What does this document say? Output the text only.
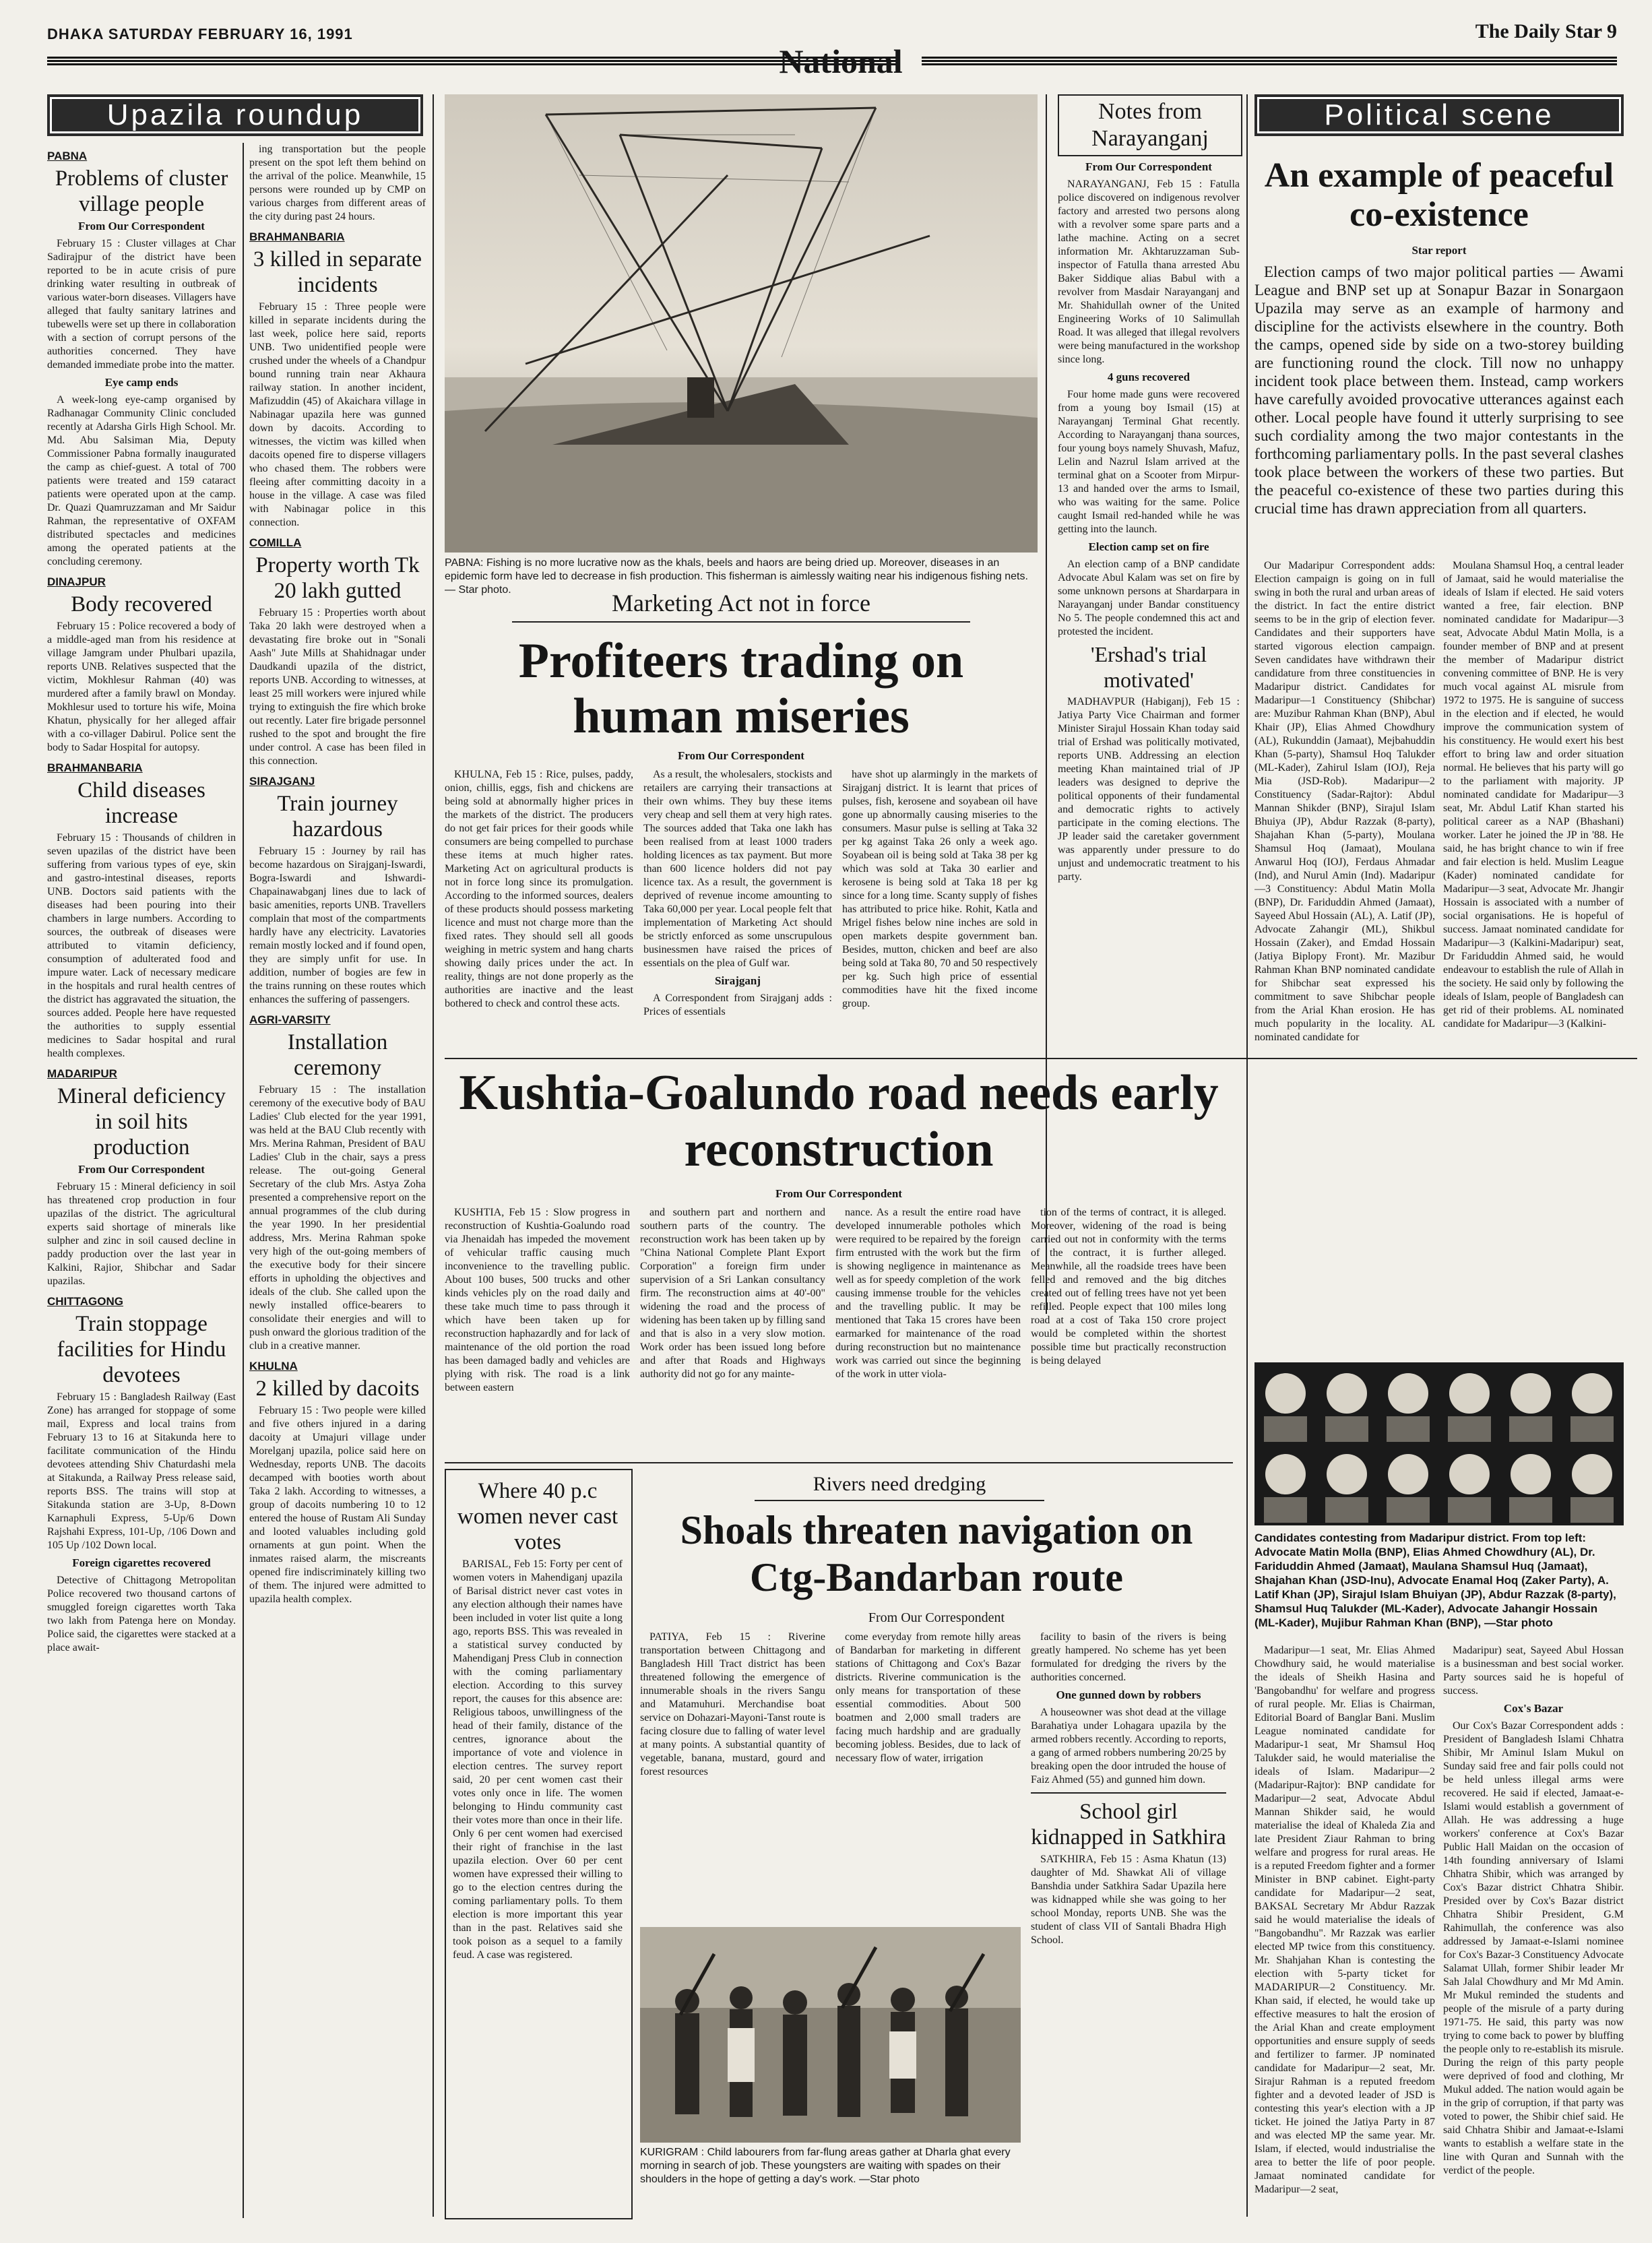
DHAKA SATURDAY FEBRUARY 16, 1991	The Daily Star 9
National
Upazila roundup
PABNA
Problems of cluster village people
From Our Correspondent

February 15 : Cluster villages at Char Sadirajpur of the district have been reported to be in acute crisis of pure drinking water resulting in outbreak of various water-born diseases. Villagers have alleged that faulty sanitary latrines and tubewells were set up there in collaboration with a section of corrupt persons of the authorities concerned. They have demanded immediate probe into the matter.

Eye camp ends

A week-long eye-camp organised by Radhanagar Community Clinic concluded recently at Adarsha Girls High School. Mr. Md. Abu Salsiman Mia, Deputy Commissioner Pabna formally inaugurated the camp as chief-guest. A total of 700 patients were treated and 159 cataract patients were operated upon at the camp. Dr. Quazi Quamruzzaman and Mr Saidur Rahman, the representative of OXFAM distributed spectacles and medicines among the operated patients at the concluding ceremony.

DINAJPUR
Body recovered

February 15 : Police recovered a body of a middle-aged man from his residence at village Jamgram under Phulbari upazila, reports UNB. Relatives suspected that the victim, Mokhlesur Rahman (40) was murdered after a family brawl on Monday. Mokhlesur used to torture his wife, Moina Khatun, physically for her alleged affair with a co-villager Dabirul. Police sent the body to Sadar Hospital for autopsy.

BRAHMANBARIA
Child diseases increase

February 15 : Thousands of children in seven upazilas of the district have been suffering from various types of eye, skin and gastro-intestinal diseases, reports UNB. Doctors said patients with the diseases had been pouring into their chambers in large numbers. According to sources, the outbreak of diseases were attributed to vitamin deficiency, consumption of adulterated food and impure water. Lack of necessary medicare in the hospitals and rural health centres of the district has aggravated the situation, the sources added. People here have requested the authorities to supply essential medicines to Sadar hospital and rural health complexes.

MADARIPUR
Mineral deficiency in soil hits production
From Our Correspondent

February 15 : Mineral deficiency in soil has threatened crop production in four upazilas of the district. The agricultural experts said shortage of minerals like sulpher and zinc in soil caused decline in paddy production over the last year in Kalkini, Rajior, Shibchar and Sadar upazilas.

CHITTAGONG
Train stoppage facilities for Hindu devotees

February 15 : Bangladesh Railway (East Zone) has arranged for stoppage of some mail, Express and local trains from February 13 to 16 at Sitakunda here to facilitate communication of the Hindu devotees attending Shiv Chaturdashi mela at Sitakunda, a Railway Press release said, reports BSS. The trains will stop at Sitakunda station are 3-Up, 8-Down Karnaphuli Express, 5-Up/6 Down Rajshahi Express, 101-Up, /106 Down and 105 Up /102 Down local.

Foreign cigarettes recovered

Detective of Chittagong Metropolitan Police recovered two thousand cartons of smuggled foreign cigarettes worth Taka two lakh from Patenga here on Monday. Police said, the cigarettes were stacked at a place await-

ing transportation but the people present on the spot left them behind on the arrival of the police. Meanwhile, 15 persons were rounded up by CMP on various charges from different areas of the city during past 24 hours.

BRAHMANBARIA
3 killed in separate incidents

February 15 : Three people were killed in separate incidents during the last week, police here said, reports UNB. Two unidentified people were crushed under the wheels of a Chandpur bound running train near Akhaura railway station. In another incident, Mafizuddin (45) of Akaichara village in Nabinagar upazila here was gunned down by dacoits. According to witnesses, the victim was killed when dacoits opened fire to disperse villagers who chased them. The robbers were fleeing after committing dacoity in a house in the village. A case was filed with Nabinagar police in this connection.

COMILLA
Property worth Tk 20 lakh gutted

February 15 : Properties worth about Taka 20 lakh were destroyed when a devastating fire broke out in "Sonali Aash" Jute Mills at Shahidnagar under Daudkandi upazila of the district, reports UNB. According to witnesses, at least 25 mill workers were injured while trying to extinguish the fire which broke out recently. Later fire brigade personnel rushed to the spot and brought the fire under control. A case has been filed in this connection.

SIRAJGANJ
Train journey hazardous

February 15 : Journey by rail has become hazardous on Sirajganj-Iswardi, Bogra-Iswardi and Ishwardi-Chapainawabganj lines due to lack of basic amenities, reports UNB. Travellers complain that most of the compartments hardly have any electricity. Lavatories remain mostly locked and if found open, they are simply unfit for use. In addition, number of bogies are few in the trains running on these routes which enhances the suffering of passengers.

AGRI-VARSITY
Installation ceremony

February 15 : The installation ceremony of the executive body of BAU Ladies' Club elected for the year 1991, was held at the BAU Club recently with Mrs. Merina Rahman, President of BAU Ladies' Club in the chair, says a press release. The out-going General Secretary of the club Mrs. Astya Zoha presented a comprehensive report on the annual programmes of the club during the year 1990. In her presidential address, Mrs. Merina Rahman spoke very high of the out-going members of the executive body for their sincere efforts in upholding the objectives and ideals of the club. She called upon the newly installed office-bearers to consolidate their energies and will to push onward the glorious tradition of the club in a creative manner.

KHULNA
2 killed by dacoits

February 15 : Two people were killed and five others injured in a daring dacoity at Umajuri village under Morelganj upazila, police said here on Wednesday, reports UNB. The dacoits decamped with booties worth about Taka 2 lakh. According to witnesses, a group of dacoits numbering 10 to 12 entered the house of Rustam Ali Sunday and looted valuables including gold ornaments at gun point. When the inmates raised alarm, the miscreants opened fire indiscriminately killing two of them. The injured were admitted to upazila health complex.

PABNA: Fishing is no more lucrative now as the khals, beels and haors are being dried up. Moreover, diseases in an epidemic form have led to decrease in fish production. This fisherman is aimlessly waiting near his indigenous fishing nets. — Star photo.	Marketing Act not in force
Profiteers trading on human miseries
From Our Correspondent

KHULNA, Feb 15 : Rice, pulses, paddy, onion, chillis, eggs, fish and chickens are being sold at abnormally higher prices in the markets of the district. The producers do not get fair prices for their goods while consumers are being compelled to purchase these items at much higher rates. Marketing Act on agricultural products is not in force long since its promulgation. According to the informed sources, dealers of these products should possess marketing licence and must not charge more than the fixed rates. They should sell all goods weighing in metric system and hang charts showing daily prices under the act. In reality, things are not done properly as the authorities are inactive and the least bothered to check and control these acts.

As a result, the wholesalers, stockists and retailers are carrying their transactions at their own whims. They buy these items very cheap and sell them at very high rates. The sources added that Taka one lakh has been realised from at least 1000 traders holding licences as tax payment. But more than 600 licence holders did not pay licence tax. As a result, the government is deprived of revenue income amounting to Taka 60,000 per year. Local people felt that implementation of Marketing Act should be strictly enforced as some unscrupulous businessmen have raised the prices of essentials on the plea of Gulf war.

Sirajganj

A Correspondent from Sirajganj adds : Prices of essentials

have shot up alarmingly in the markets of Sirajganj district. It is learnt that prices of pulses, fish, kerosene and soyabean oil have gone up abnormally causing miseries to the consumers. Masur pulse is selling at Taka 32 per kg against Taka 26 only a week ago. Soyabean oil is being sold at Taka 38 per kg which was sold at Taka 30 earlier and kerosene is being sold at Taka 18 per kg since for a long time. Scanty supply of fishes has attributed to price hike. Rohit, Katla and Mrigel fishes below nine inches are sold in open markets despite government ban. Besides, mutton, chicken and beef are also being sold at Taka 80, 70 and 50 respectively per kg. Such high price of essential commodities have hit the fixed income group.

Kushtia-Goalundo road needs early reconstruction
From Our Correspondent

KUSHTIA, Feb 15 : Slow progress in reconstruction of Kushtia-Goalundo road via Jhenaidah has impeded the movement of vehicular traffic causing much inconvenience to the travelling public. About 100 buses, 500 trucks and other kinds vehicles ply on the road daily and these take much time to pass through it which have been taken up for reconstruction haphazardly and for lack of maintenance of the old portion the road has been damaged badly and vehicles are plying with risk. The road is a link between eastern

and southern part and northern and southern parts of the country. The reconstruction work has been taken up by "China National Complete Plant Export Corporation" a foreign firm under supervision of a Sri Lankan consultancy firm. The reconstruction aims at 40'-00" widening the road and the process of widening has been taken up by filling sand and that is also in a very slow motion. Work order has been issued long before and after that Roads and Highways authority did not go for any mainte-

nance. As a result the entire road have developed innumerable potholes which were required to be repaired by the foreign firm entrusted with the work but the firm is showing negligence in maintenance as well as for speedy completion of the work causing immense trouble for the vehicles and the travelling public. It may be mentioned that Taka 15 crores have been earmarked for maintenance of the road during reconstruction but no maintenance work was carried out since the beginning of the work in utter viola-

tion of the terms of contract, it is alleged. Moreover, widening of the road is being carried out not in conformity with the terms of the contract, it is further alleged. Meanwhile, all the roadside trees have been felled and removed and the big ditches created out of felling trees have not yet been refilled. People expect that 100 miles long road at a cost of Taka 150 crore project would be completed within the shortest possible time but practically reconstruction is being delayed

Where 40 p.c women never cast votes

BARISAL, Feb 15: Forty per cent of women voters in Mahendiganj upazila of Barisal district never cast votes in any election although their names have been included in voter list quite a long ago, reports BSS. This was revealed in a statistical survey conducted by Mahendiganj Press Club in connection with the coming parliamentary election. According to this survey report, the causes for this absence are: Religious taboos, unwillingness of the head of their family, distance of the centres, ignorance about the importance of vote and violence in election centres. The survey report said, 20 per cent women cast their votes only once in life. The women belonging to Hindu community cast their votes more than once in their life. Only 6 per cent women had exercised their right of franchise in the last upazila election. Over 60 per cent women have expressed their willing to go to the election centres during the coming parliamentary polls. To them election is more important this year than in the past. Relatives said she took poison as a sequel to a family feud. A case was registered.

Rivers need dredging
Shoals threaten navigation on Ctg-Bandarban route
From Our Correspondent

PATIYA, Feb 15 : Riverine transportation between Chittagong and Bangladesh Hill Tract district has been threatened following the emergence of innumerable shoals in the rivers Sangu and Matamuhuri. Merchandise boat service on Dohazari-Mayoni-Tanst route is facing closure due to falling of water level at many points. A substantial quantity of vegetable, banana, mustard, gourd and forest resources

come everyday from remote hilly areas of Bandarban for marketing in different stations of Chittagong and Cox's Bazar districts. Riverine communication is the only means for transportation of these essential commodities. About 500 boatmen and 2,000 small traders are facing much hardship and are gradually becoming jobless. Besides, due to lack of necessary flow of water, irrigation

facility to basin of the rivers is being greatly hampered. No scheme has yet been formulated for dredging the rivers by the authorities concerned.

One gunned down by robbers

A houseowner was shot dead at the village Barahatiya under Lohagara upazila by the armed robbers recently. According to reports, a gang of armed robbers numbering 20/25 by breaking open the door intruded the house of Faiz Ahmed (55) and gunned him down.

School girl kidnapped in Satkhira

SATKHIRA, Feb 15 : Asma Khatun (13) daughter of Md. Shawkat Ali of village Banshdia under Satkhira Sadar Upazila here was kidnapped while she was going to her school Monday, reports UNB. She was the student of class VII of Santali Bhadra High School.

KURIGRAM : Child labourers from far-flung areas gather at Dharla ghat every morning in search of job. These youngsters are waiting with spades on their shoulders in the hope of getting a day's work. —Star photo
Notes from Narayanganj
From Our Correspondent

NARAYANGANJ, Feb 15 : Fatulla police discovered on indigenous revolver factory and arrested two persons along with a revolver some spare parts and a lathe machine. Acting on a secret information Mr. Akhtaruzzaman Sub-inspector of Fatulla thana arrested Abu Baker Siddique alias Babul with a revolver from Masdair Narayanganj and Mr. Shahidullah owner of the United Engineering Works of 10 Salimullah Road. It was alleged that illegal revolvers were being manufactured in the workshop since long.

4 guns recovered

Four home made guns were recovered from a young boy Ismail (15) at Narayanganj Terminal Ghat recently. According to Narayanganj thana sources, four young boys namely Shuvash, Mafuz, Lelin and Nazrul Islam arrived at the terminal ghat on a Scooter from Mirpur-13 and handed over the arms to Ismail, who was waiting for the same. Police caught Ismail red-handed while he was getting into the launch.

Election camp set on fire

An election camp of a BNP candidate Advocate Abul Kalam was set on fire by some unknown persons at Shardarpara in Narayanganj under Bandar constituency No 5. The people condemned this act and protested the incident.

'Ershad's trial motivated'

MADHAVPUR (Habiganj), Feb 15 : Jatiya Party Vice Chairman and former Minister Sirajul Hossain Khan today said trial of Ershad was politically motivated, reports UNB. Addressing an election meeting Khan maintained trial of JP leaders was designed to deprive the political opponents of their fundamental and democratic rights to actively participate in the coming elections. The JP leader said the caretaker government was apparently under pressure to do unjust and undemocratic treatment to his party.

Political scene
An example of peaceful co-existence
Star report

Election camps of two major political parties — Awami League and BNP set up at Sonapur Bazar in Sonargaon Upazila may serve as an example of harmony and discipline for the activists elsewhere in the country. Both the camps, opened side by side on a two-storey building are functioning round the clock. Till now no unhappy incident took place between them. Instead, camp workers have carefully avoided provocative utterances against each other. Local people have found it utterly surprising to see such cordiality among the two major contestants in the forthcoming parliamentary polls. In the past several clashes took place between the workers of these two parties. But the peaceful co-existence of these two parties during this crucial time has drawn appreciation from all quarters.

Our Madaripur Correspondent adds: Election campaign is going on in full swing in both the rural and urban areas of the district. In fact the entire district seems to be in the grip of election fever. Candidates and their supporters have started vigorous election campaign. Seven candidates have withdrawn their candidature from three constituencies in Madaripur district. Candidates for Madaripur—1 Constituency (Shibchar) are: Muzibur Rahman Khan (BNP), Abul Khair (JP), Elias Ahmed Chowdhury (AL), Rukunddin (Jamaat), Mejbahuddin Khan (5-party), Shamsul Hoq Talukder (ML-Kader), Zahirul Islam (IOJ), Reja Mia (JSD-Rob). Madaripur—2 Constituency (Sadar-Rajtor): Abdul Mannan Shikder (BNP), Sirajul Islam Bhuiya (JP), Abdur Razzak (8-party), Shajahan Khan (5-party), Moulana Shamsul Hoq (Jamaat), Moulana Anwarul Hoq (IOJ), Ferdaus Ahmadar (Ind), and Nurul Amin (Ind). Madaripur—3 Constituency: Abdul Matin Molla (BNP), Dr. Fariduddin Ahmed (Jamaat), Sayeed Abul Hossain (AL), A. Latif (JP), Advocate Zahangir (ML), Shikbul Hossain (Zaker), and Emdad Hossain (Jatiya Biplopy Front). Mr. Mazibur Rahman Khan BNP nominated candidate for Shibchar seat expressed his commitment to save Shibchar people from the Arial Khan erosion. He has much popularity in the locality. AL nominated candidate for

Moulana Shamsul Hoq, a central leader of Jamaat, said he would materialise the ideals of Islam if elected. He said voters wanted a free, fair election. BNP nominated candidate for Madaripur—3 seat, Advocate Abdul Matin Molla, is a founder member of BNP and at present the member of Madaripur district convening committee of BNP. He is very much vocal against AL misrule from 1972 to 1975. He is sanguine of success in the election and if elected, he would improve the communication system of his constituency. He would exert his best effort to bring law and order situation normal. He believes that his party will go to the parliament with majority. JP nominated candidate for Madaripur—3 seat, Mr. Abdul Latif Khan started his political career as a NAP (Bhashani) worker. Later he joined the JP in '88. He said, he has bright chance to win if free and fair election is held. Muslim League (Kader) nominated candidate for Madaripur—3 seat, Advocate Mr. Jhangir Hossain is associated with a number of social organisations. He is hopeful of success. Jamaat nominated candidate for Madaripur—3 (Kalkini-Madaripur) seat, Dr Fariduddin Ahmed said, he would endeavour to establish the rule of Allah in the society. He said only by following the ideals of Islam, people of Bangladesh can get rid of their problems. AL nominated candidate for Madaripur—3 (Kalkini-

Candidates contesting from Madaripur district. From top left: Advocate Matin Molla (BNP), Elias Ahmed Chowdhury (AL), Dr. Fariduddin Ahmed (Jamaat), Maulana Shamsul Huq (Jamaat), Shajahan Khan (JSD-Inu), Advocate Enamal Hoq (Zaker Party), A. Latif Khan (JP), Sirajul Islam Bhuiyan (JP), Abdur Razzak (8-party), Shamsul Huq Talukder (ML-Kader), Advocate Jahangir Hossain (ML-Kader), Mujibur Rahman Khan (BNP), —Star photo

Madaripur—1 seat, Mr. Elias Ahmed Chowdhury said, he would materialise the ideals of Sheikh Hasina and 'Bangobandhu' for welfare and progress of rural people. Mr. Elias is Chairman, Editorial Board of Banglar Bani. Muslim League nominated candidate for Madaripur-1 seat, Mr Shamsul Hoq Talukder said, he would materialise the ideals of Islam. Madaripur—2 (Madaripur-Rajtor): BNP candidate for Madaripur—2 seat, Advocate Abdul Mannan Shikder said, he would materialise the ideal of Khaleda Zia and late President Ziaur Rahman to bring welfare and progress for rural areas. He is a reputed Freedom fighter and a former Minister in BNP cabinet. Eight-party candidate for Madaripur—2 seat, BAKSAL Secretary Mr Abdur Razzak said he would materialise the ideals of "Bangobandhu". Mr Razzak was earlier elected MP twice from this constituency. Mr. Shahjahan Khan is contesting the election with 5-party ticket for MADARIPUR—2 Constituency. Mr. Khan said, if elected, he would take up effective measures to halt the erosion of the Arial Khan and create employment opportunities and ensure supply of seeds and fertilizer to farmer. JP nominated candidate for Madaripur—2 seat, Mr. Sirajur Rahman is a reputed freedom fighter and a devoted leader of JSD is contesting this year's election with a JP ticket. He joined the Jatiya Party in 87 and was elected MP the same year. Mr. Islam, if elected, would industrialise the area to better the life of poor people. Jamaat nominated candidate for Madaripur—2 seat,

Madaripur) seat, Sayeed Abul Hossan is a businessman and best social worker. Party sources said he is hopeful of success.

Cox's Bazar

Our Cox's Bazar Correspondent adds : President of Bangladesh Islami Chhatra Shibir, Mr Aminul Islam Mukul on Sunday said free and fair polls could not be held unless illegal arms were recovered. He said if elected, Jamaat-e-Islami would establish a government of Allah. He was addressing a huge workers' conference at Cox's Bazar Public Hall Maidan on the occasion of 14th founding anniversary of Islami Chhatra Shibir, which was arranged by Cox's Bazar district Chhatra Shibir. Presided over by Cox's Bazar district Chhatra Shibir President, G.M Rahimullah, the conference was also addressed by Jamaat-e-Islami nominee for Cox's Bazar-3 Constituency Advocate Salamat Ullah, former Shibir leader Mr Sah Jalal Chowdhury and Mr Md Amin. Mr Mukul reminded the students and people of the misrule of a party during 1971-75. He said, this party was now trying to come back to power by bluffing the people only to re-establish its misrule. During the reign of this party people were deprived of food and clothing, Mr Mukul added. The nation would again be in the grip of corruption, if that party was voted to power, the Shibir chief said. He said Chhatra Shibir and Jamaat-e-Islami wants to establish a welfare state in the line with Quran and Sunnah with the verdict of the people.
